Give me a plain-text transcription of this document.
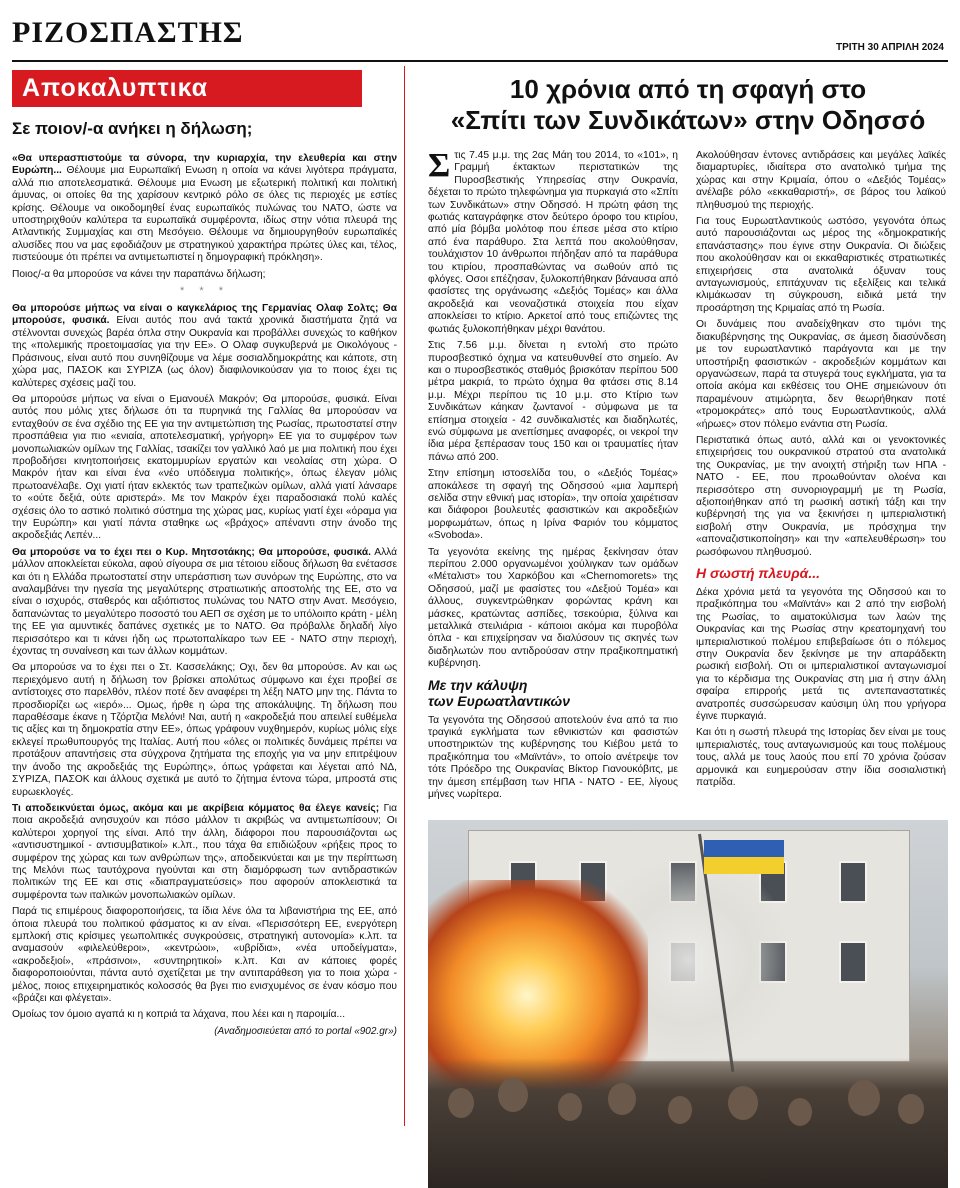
ΡΙΖΟΣΠΑΣΤΗΣ	ΤΡΙΤΗ 30 ΑΠΡΙΛΗ 2024
Αποκαλυπτικα
Σε ποιον/-α ανήκει η δήλωση;

«Θα υπερασπιστούμε τα σύνορα, την κυριαρχία, την ελευθερία και στην Ευρώπη... Θέλουμε μια Ευρωπαϊκή Ενωση η οποία να κάνει λιγότερα πράγματα, αλλά πιο αποτελεσματικά. Θέλουμε μια Ενωση με εξωτερική πολιτική και πολιτική άμυνας, οι οποίες θα της χαρίσουν κεντρικό ρόλο σε όλες τις περιοχές με εστίες κρίσης. Θέλουμε να οικοδομηθεί ένας ευρωπαϊκός πυλώνας του ΝΑΤΟ, ώστε να υποστηριχθούν καλύτερα τα ευρωπαϊκά συμφέροντα, ιδίως στην νότια πλευρά της Ατλαντικής Συμμαχίας και στη Μεσόγειο. Θέλουμε να δημιουργηθούν ευρωπαϊκές αλυσίδες που να μας εφοδιάζουν με στρατηγικού χαρακτήρα πρώτες ύλες και, τέλος, πιστεύουμε ότι πρέπει να αντιμετωπιστεί η δημογραφική πρόκληση».

Ποιος/-α θα μπορούσε να κάνει την παραπάνω δήλωση;

* * *

Θα μπορούσε μήπως να είναι ο καγκελάριος της Γερμανίας Ολαφ Σολτς; Θα μπορούσε, φυσικά. Είναι αυτός που ανά τακτά χρονικά διαστήματα ζητά να στέλνονται συνεχώς βαρέα όπλα στην Ουκρανία και προβάλλει συνεχώς το καθήκον της «πολεμικής προετοιμασίας για την ΕΕ». Ο Ολαφ συγκυβερνά με Οικολόγους - Πράσινους, είναι αυτό που συνηθίζουμε να λέμε σοσιαλδημοκράτης και κάποτε, στη χώρα μας, ΠΑΣΟΚ και ΣΥΡΙΖΑ (ως όλον) διαφιλονικούσαν για το ποιος έχει τις καλύτερες σχέσεις μαζί του.

Θα μπορούσε μήπως να είναι ο Εμανουέλ Μακρόν; Θα μπορούσε, φυσικά. Είναι αυτός που μόλις χτες δήλωσε ότι τα πυρηνικά της Γαλλίας θα μπορούσαν να ενταχθούν σε ένα σχέδιο της ΕΕ για την αντιμετώπιση της Ρωσίας, πρωτοστατεί στην προσπάθεια για πιο «ενιαία, αποτελεσματική, γρήγορη» ΕΕ για το συμφέρον των μονοπωλιακών ομίλων της Γαλλίας, τσακίζει τον γαλλικό λαό με μια πολιτική που έχει προβοδήσει κινητοποιήσεις εκατομμυρίων εργατών και νεολαίας στη χώρα. Ο Μακρόν ήταν και είναι ένα «νέο υπόδειγμα πολιτικής», όπως έλεγαν μόλις πρωτοανέλαβε. Οχι γιατί ήταν εκλεκτός των τραπεζικών ομίλων, αλλά γιατί λάνσαρε το «ούτε δεξιά, ούτε αριστερά». Με τον Μακρόν έχει παραδοσιακά πολύ καλές σχέσεις όλο το αστικό πολιτικό σύστημα της χώρας μας, κυρίως γιατί έχει «όραμα για την Ευρώπη» και γιατί πάντα σταθηκε ως «βράχος» απέναντι στην άνοδο της ακροδεξιάς Λεπέν...

Θα μπορούσε να το έχει πει ο Κυρ. Μητσοτάκης; Θα μπορούσε, φυσικά. Αλλά μάλλον αποκλείεται εύκολα, αφού σίγουρα σε μια τέτοιου είδους δήλωση θα ενέτασσε και ότι η Ελλάδα πρωτοστατεί στην υπεράσπιση των συνόρων της Ευρώπης, στο να αναλαμβάνει την ηγεσία της μεγαλύτερης στρατιωτικής αποστολής της ΕΕ, στο να είναι ο ισχυρός, σταθερός και αξιόπιστος πυλώνας του ΝΑΤΟ στην Ανατ. Μεσόγειο, δαπανώντας το μεγαλύτερο ποσοστό του ΑΕΠ σε σχέση με το υπόλοιπο κράτη - μέλη της ΕΕ για αμυντικές δαπάνες σχετικές με το ΝΑΤΟ. Θα πρόβαλλε δηλαδή λίγο περισσότερο και τι κάνει ήδη ως πρωτοπαλίκαρο των ΕΕ - ΝΑΤΟ στην περιοχή, έχοντας τη συναίνεση και των άλλων κομμάτων.

Θα μπορούσε να το έχει πει ο Στ. Κασσελάκης; Οχι, δεν θα μπορούσε. Αν και ως περιεχόμενο αυτή η δήλωση τον βρίσκει απολύτως σύμφωνο και έχει προβεί σε αντίστοιχες στο παρελθόν, πλέον ποτέ δεν αναφέρει τη λέξη ΝΑΤΟ μην της. Πάντα το προσδιορίζει ως «ιερό»... Ομως, ήρθε η ώρα της αποκάλυψης. Τη δήλωση που παραθέσαμε έκανε η Τζόρτζια Μελόνι! Ναι, αυτή η «ακροδεξιά που απειλεί ευθέμελα τις αξίες και τη δημοκρατία στην ΕΕ», όπως γράφουν νυχθημερόν, κυρίως μόλις είχε εκλεγεί πρωθυπουργός της Ιταλίας. Αυτή που «όλες οι πολιτικές δυνάμεις πρέπει να προτάξουν απαντήσεις στα σύγχρονα ζητήματα της εποχής για να μην επιτρέψουν την άνοδο της ακροδεξιάς της Ευρώπης», όπως γράφεται και λέγεται από ΝΔ, ΣΥΡΙΖΑ, ΠΑΣΟΚ και άλλους σχετικά με αυτό το ζήτημα έντονα τώρα, μπροστά στις ευρωεκλογές.

Τι αποδεικνύεται όμως, ακόμα και με ακρίβεια κόμματος θα έλεγε κανείς; Για ποια ακροδεξιά ανησυχούν και πόσο μάλλον τι ακριβώς να αντιμετωπίσουν; Οι καλύτεροι χορηγοί της είναι. Από την άλλη, διάφοροι που παρουσιάζονται ως «αντισυστημικοί - αντισυμβατικοί» κ.λπ., που τάχα θα επιδιώξουν «ρήξεις προς το συμφέρον της χώρας και των ανθρώπων της», αποδεικνύεται και με την περίπτωση της Μελόνι πως ταυτόχρονα ηγούνται και στη διαμόρφωση των αντιδραστικών πολιτικών της ΕΕ και στις «διαπραγματεύσεις» που αφορούν αποκλειστικά τα συμφέροντα των ιταλικών μονοπωλιακών ομίλων.

Παρά τις επιμέρους διαφοροποιήσεις, τα ίδια λένε όλα τα λιβανιστήρια της ΕΕ, από όποια πλευρά του πολιτικού φάσματος κι αν είναι. «Περισσότερη ΕΕ, ενεργότερη εμπλοκή στις κρίσιμες γεωπολιτικές συγκρούσεις, στρατηγική αυτονομία» κ.λπ. τα αναμασούν «φιλελεύθεροι», «κεντρώοι», «υβρίδια», «νέα υποδείγματα», «ακροδεξιοί», «πράσινοι», «συντηρητικοί» κ.λπ. Και αν κάποιες φορές διαφοροποιούνται, πάντα αυτό σχετίζεται με την αντιπαράθεση για το ποια χώρα - μέλος, ποιος επιχειρηματικός κολοσσός θα βγει πιο ενισχυμένος σε έναν κόσμο που «βράζει και φλέγεται».

Ομοίως τον όμοιο αγαπά κι η κοπριά τα λάχανα, που λέει και η παροιμία...

(Αναδημοσιεύεται από το portal «902.gr»)
10 χρόνια από τη σφαγή στο
«Σπίτι των Συνδικάτων» στην Οδησσό

Στις 7.45 μ.μ. της 2ας Μάη του 2014, το «101», η Γραμμή έκτακτων περιστατικών της Πυροσβεστικής Υπηρεσίας στην Ουκρανία, δέχεται το πρώτο τηλεφώνημα για πυρκαγιά στο «Σπίτι των Συνδικάτων» στην Οδησσό. Η πρώτη φάση της φωτιάς καταγράφηκε στον δεύτερο όροφο του κτιρίου, από μία βόμβα μολότοφ που έπεσε μέσα στο κτίριο από ένα παράθυρο. Στα λεπτά που ακολούθησαν, τουλάχιστον 10 άνθρωποι πήδηξαν από τα παράθυρα του κτιρίου, προσπαθώντας να σωθούν από τις φλόγες. Οσοι επέζησαν, ξυλοκοπήθηκαν βάναυσα από φασίστες της οργάνωσης «Δεξιός Τομέας» και άλλα ακροδεξιά και νεοναζιστικά στοιχεία που είχαν αποκλείσει το κτίριο. Αρκετοί από τους επιζώντες της φωτιάς ξυλοκοπήθηκαν μέχρι θανάτου.

Στις 7.56 μ.μ. δίνεται η εντολή στο πρώτο πυροσβεστικό όχημα να κατευθυνθεί στο σημείο. Αν και ο πυροσβεστικός σταθμός βρισκόταν περίπου 500 μέτρα μακριά, το πρώτο όχημα θα φτάσει στις 8.14 μ.μ. Μέχρι περίπου τις 10 μ.μ. στο Κτίριο των Συνδικάτων κάηκαν ζωντανοί - σύμφωνα με τα επίσημα στοιχεία - 42 συνδικαλιστές και διαδηλωτές, ενώ σύμφωνα με ανεπίσημες αναφορές, οι νεκροί την ίδια μέρα ξεπέρασαν τους 150 και οι τραυματίες ήταν πάνω από 200.

Στην επίσημη ιστοσελίδα του, ο «Δεξιός Τομέας» αποκάλεσε τη σφαγή της Οδησσού «μια λαμπερή σελίδα στην εθνική μας ιστορία», την οποία χαιρέτισαν και διάφοροι βουλευτές φασιστικών και ακροδεξιών μορφωμάτων, όπως η Ιρίνα Φαριόν του κόμματος «Svoboda».

Τα γεγονότα εκείνης της ημέρας ξεκίνησαν όταν περίπου 2.000 οργανωμένοι χούλιγκαν των ομάδων «Μέταλιστ» του Χαρκόβου και «Chernomorets» της Οδησσού, μαζί με φασίστες του «Δεξιού Τομέα» και άλλους, συγκεντρώθηκαν φορώντας κράνη και μάσκες, κρατώντας ασπίδες, τσεκούρια, ξύλινα και μεταλλικά στειλιάρια - κάποιοι ακόμα και πυροβόλα όπλα - και επιχείρησαν να διαλύσουν τις σκηνές των διαδηλωτών που αντιδρούσαν στην πραξικοπηματική κυβέρνηση.

Με την κάλυψη
των Ευρωατλαντικών

Τα γεγονότα της Οδησσού αποτελούν ένα από τα πιο τραγικά εγκλήματα των εθνικιστών και φασιστών υποστηρικτών της κυβέρνησης του Κιέβου μετά το πραξικόπημα του «Μαϊντάν», το οποίο ανέτρεψε τον τότε Πρόεδρο της Ουκρανίας Βίκτορ Γιανουκόβιτς, με την άμεση επέμβαση των ΗΠΑ - ΝΑΤΟ - ΕΕ, λίγους μήνες νωρίτερα.

Ακολούθησαν έντονες αντιδράσεις και μεγάλες λαϊκές διαμαρτυρίες, ιδιαίτερα στο ανατολικό τμήμα της χώρας και στην Κριμαία, όπου ο «Δεξιός Τομέας» ανέλαβε ρόλο «εκκαθαριστή», σε βάρος του λαϊκού πληθυσμού της περιοχής.

Για τους Ευρωατλαντικούς ωστόσο, γεγονότα όπως αυτό παρουσιάζονται ως μέρος της «δημοκρατικής επανάστασης» που έγινε στην Ουκρανία. Οι διώξεις που ακολούθησαν και οι εκκαθαριστικές στρατιωτικές επιχειρήσεις στα ανατολικά όξυναν τους ανταγωνισμούς, επιτάχυναν τις εξελίξεις και τελικά κλιμάκωσαν τη σύγκρουση, ειδικά μετά την προσάρτηση της Κριμαίας από τη Ρωσία.

Οι δυνάμεις που αναδείχθηκαν στο τιμόνι της διακυβέρνησης της Ουκρανίας, σε άμεση διασύνδεση με τον ευρωατλαντικό παράγοντα και με την υποστήριξη φασιστικών - ακροδεξιών κομμάτων και οργανώσεων, παρά τα στυγερά τους εγκλήματα, για τα οποία ακόμα και εκθέσεις του ΟΗΕ σημειώνουν ότι παραμένουν ατιμώρητα, δεν θεωρήθηκαν ποτέ «τρομοκράτες» από τους Ευρωατλαντικούς, αλλά «ήρωες» στον πόλεμο ενάντια στη Ρωσία.

Περιστατικά όπως αυτό, αλλά και οι γενοκτονικές επιχειρήσεις του ουκρανικού στρατού στα ανατολικά της Ουκρανίας, με την ανοιχτή στήριξη των ΗΠΑ - ΝΑΤΟ - ΕΕ, που προωθούνταν ολοένα και περισσότερο στη συνοριογραμμή με τη Ρωσία, αξιοποιήθηκαν από τη ρωσική αστική τάξη και την κυβέρνησή της για να ξεκινήσει η ιμπεριαλιστική εισβολή στην Ουκρανία, με πρόσχημα την «αποναζιστικοποίηση» και την «απελευθέρωση» του ρωσόφωνου πληθυσμού.

Η σωστή πλευρά...

Δέκα χρόνια μετά τα γεγονότα της Οδησσού και το πραξικόπημα του «Μαϊντάν» και 2 από την εισβολή της Ρωσίας, το αιματοκύλισμα των λαών της Ουκρανίας και της Ρωσίας στην κρεατομηχανή του ιμπεριαλιστικού πολέμου επιβεβαίωσε ότι ο πόλεμος στην Ουκρανία δεν ξεκίνησε με την απαράδεκτη ρωσική εισβολή. Οτι οι ιμπεριαλιστικοί ανταγωνισμοί για το κέρδισμα της Ουκρανίας στη μια ή στην άλλη σφαίρα επιρροής μετά τις αντεπαναστατικές ανατροπές συσσώρευσαν καύσιμη ύλη που γρήγορα έγινε πυρκαγιά.

Και ότι η σωστή πλευρά της Ιστορίας δεν είναι με τους ιμπεριαλιστές, τους ανταγωνισμούς και τους πολέμους τους, αλλά με τους λαούς που επί 70 χρόνια ζούσαν αρμονικά και ευημερούσαν στην ίδια σοσιαλιστική πατρίδα.
